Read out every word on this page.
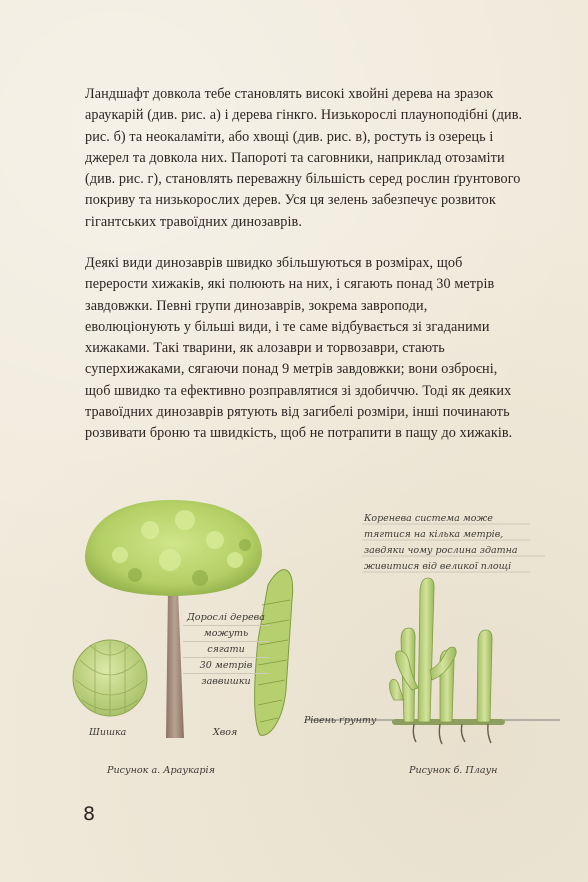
Ландшафт довкола тебе становлять високі хвойні дерева на зразок араукарій (див. рис. а) і дерева гінкго. Низькорослі плауноподібні (див. рис. б) та неокаламіти, або хвощі (див. рис. в), ростуть із озерець і джерел та довкола них. Папороті та саговники, наприклад отозаміти (див. рис. г), становлять переважну більшість серед рослин ґрунтового покриву та низькорослих дерев. Уся ця зелень забезпечує розвиток гігантських травоїдних динозаврів.

Деякі види динозаврів швидко збільшуються в розмірах, щоб перерости хижаків, які полюють на них, і сягають понад 30 метрів завдовжки. Певні групи динозаврів, зокрема завроподи, еволюціонують у більші види, і те саме відбувається зі згаданими хижаками. Такі тварини, як алозаври и торвозаври, стають суперхижаками, сягаючи понад 9 метрів завдовжки; вони озброєні, щоб швидко та ефективно розправлятися зі здобиччю. Тоді як деяких травоїдних динозаврів рятують від загибелі розміри, інші починають розвивати броню та швидкість, щоб не потрапити в пащу до хижаків.

Дорослі дерева
можуть
сягати
30 метрів
заввишки
Шишка	Хвоя
Рисунок а. Араукарія
Коренева система може
тягтися на кілька метрів,
завдяки чому рослина здатна
живитися від великої площі
Рівень ґрунту
Рисунок б. Плаун
8
